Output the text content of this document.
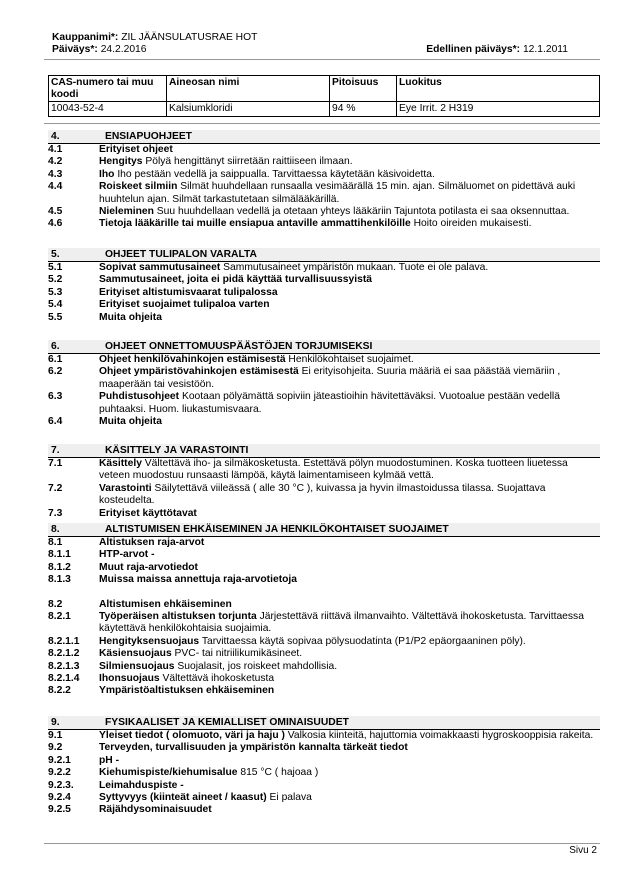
Kauppanimi*: ZIL JÄÄNSULATUSRAE HOT
Päiväys*: 24.2.2016	Edellinen päiväys*: 12.1.2011
CAS-numero tai muu koodi	Aineosan nimi	Pitoisuus	Luokitus
10043-52-4	Kalsiumkloridi	94 %	Eye Irrit. 2 H319
4.	ENSIAPUOHJEET
4.1	Erityiset ohjeet
4.2	Hengitys Pölyä hengittänyt siirretään raittiiseen ilmaan.
4.3	Iho Iho pestään vedellä ja saippualla. Tarvittaessa käytetään käsivoidetta.
4.4	Roiskeet silmiin Silmät huuhdellaan runsaalla vesimäärällä 15 min. ajan. Silmäluomet on pidettävä auki huuhtelun ajan. Silmät tarkastutetaan silmälääkärillä.
4.5	Nieleminen Suu huuhdellaan vedellä ja otetaan yhteys lääkäriin Tajuntota potilasta ei saa oksennuttaa.
4.6	Tietoja lääkärille tai muille ensiapua antaville ammattihenkilöille Hoito oireiden mukaisesti.
5.	OHJEET TULIPALON VARALTA
5.1	Sopivat sammutusaineet Sammutusaineet ympäristön mukaan. Tuote ei ole palava.
5.2	Sammutusaineet, joita ei pidä käyttää turvallisuussyistä
5.3	Erityiset altistumisvaarat tulipalossa
5.4	Erityiset suojaimet tulipaloa varten
5.5	Muita ohjeita
6.	OHJEET ONNETTOMUUSPÄÄSTÖJEN TORJUMISEKSI
6.1	Ohjeet henkilövahinkojen estämisestä Henkilökohtaiset suojaimet.
6.2	Ohjeet ympäristövahinkojen estämisestä Ei erityisohjeita. Suuria määriä ei saa päästää viemäriin , maaperään tai vesistöön.
6.3	Puhdistusohjeet Kootaan pölyämättä sopiviin jäteastioihin hävitettäväksi. Vuotoalue pestään vedellä puhtaaksi. Huom. liukastumisvaara.
6.4	Muita ohjeita
7.	KÄSITTELY JA VARASTOINTI
7.1	Käsittely Vältettävä iho- ja silmäkosketusta. Estettävä pölyn muodostuminen. Koska tuotteen liuetessa veteen muodostuu runsaasti lämpöä, käytä laimentamiseen kylmää vettä.
7.2	Varastointi Säilytettävä viileässä ( alle 30 °C ), kuivassa ja hyvin ilmastoidussa tilassa. Suojattava kosteudelta.
7.3	Erityiset käyttötavat
8.	ALTISTUMISEN EHKÄISEMINEN JA HENKILÖKOHTAISET SUOJAIMET
8.1	Altistuksen raja-arvot
8.1.1	HTP-arvot -
8.1.2	Muut raja-arvotiedot
8.1.3	Muissa maissa annettuja raja-arvotietoja
8.2	Altistumisen ehkäiseminen
8.2.1	Työperäisen altistuksen torjunta Järjestettävä riittävä ilmanvaihto. Vältettävä ihokosketusta. Tarvittaessa käytettävä henkilökohtaisia suojaimia.
8.2.1.1	Hengityksensuojaus Tarvittaessa käytä sopivaa pölysuodatinta (P1/P2 epäorgaaninen pöly).
8.2.1.2	Käsiensuojaus PVC- tai nitriilikumikäsineet.
8.2.1.3	Silmiensuojaus Suojalasit, jos roiskeet mahdollisia.
8.2.1.4	Ihonsuojaus Vältettävä ihokosketusta
8.2.2	Ympäristöaltistuksen ehkäiseminen
9.	FYSIKAALISET JA KEMIALLISET OMINAISUUDET
9.1	Yleiset tiedot ( olomuoto, väri ja haju ) Valkosia kiinteitä, hajuttomia voimakkaasti hygroskooppisia rakeita.
9.2	Terveyden, turvallisuuden ja ympäristön kannalta tärkeät tiedot
9.2.1	pH -
9.2.2	Kiehumispiste/kiehumisalue 815 °C ( hajoaa )
9.2.3.	Leimahduspiste -
9.2.4	Syttyvyys (kiinteät aineet / kaasut) Ei palava
9.2.5	Räjähdysominaisuudet
Sivu 2
